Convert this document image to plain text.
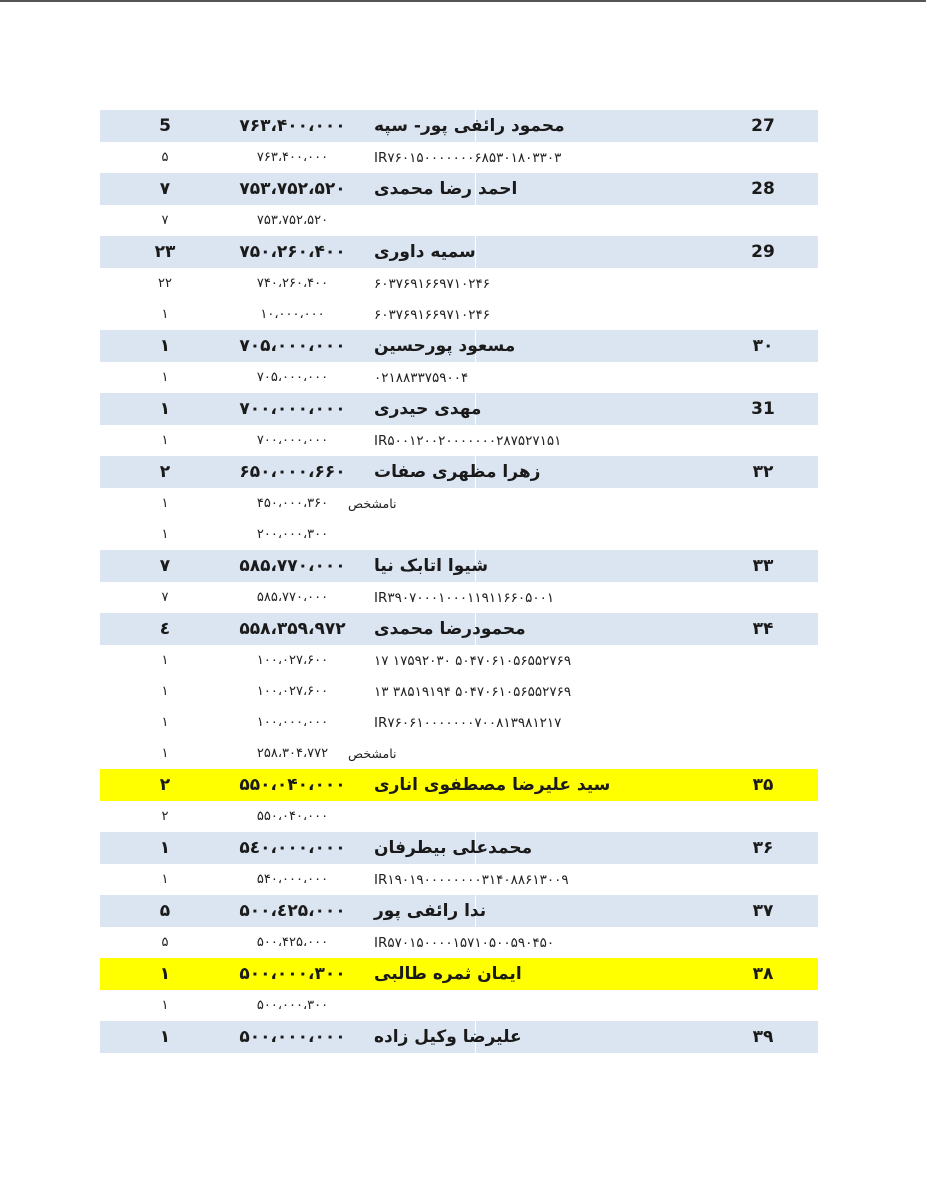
27
محمود رائفی پور- سپه
۷۶۳،۴۰۰،۰۰۰
5
IR۷۶۰۱۵۰۰۰۰۰۰۰۶۸۵۳۰۱۸۰۳۳۰۳
۷۶۳،۴۰۰،۰۰۰
۵
28
احمد رضا محمدی
۷۵۳،۷۵۲،۵۲۰
۷
۷۵۳،۷۵۲،۵۲۰
۷
29
سمیه داوری
۷۵۰،۲۶۰،۴۰۰
۲۳
۶۰۳۷۶۹۱۶۶۹۷۱۰۲۴۶
۷۴۰،۲۶۰،۴۰۰
۲۲
۶۰۳۷۶۹۱۶۶۹۷۱۰۲۴۶
۱۰،۰۰۰،۰۰۰
۱
۳۰
مسعود پورحسین
۷۰۵،۰۰۰،۰۰۰
۱
۰۲۱۸۸۳۳۷۵۹۰۰۴
۷۰۵،۰۰۰،۰۰۰
۱
31
مهدی حیدری
۷۰۰،۰۰۰،۰۰۰
۱
IR۵۰۰۱۲۰۰۲۰۰۰۰۰۰۰۲۸۷۵۲۷۱۵۱
۷۰۰،۰۰۰،۰۰۰
۱
۳۲
زهرا مظهری صفات
۶۵۰،۰۰۰،۶۶۰
۲
نامشخص
۴۵۰،۰۰۰،۳۶۰
۱
۲۰۰،۰۰۰،۳۰۰
۱
۳۳
شیوا اتابک نیا
۵۸۵،۷۷۰،۰۰۰
۷
IR۳۹۰۷۰۰۰۱۰۰۰۱۱۹۱۱۶۶۰۵۰۰۱
۵۸۵،۷۷۰،۰۰۰
۷
۳۴
محمودرضا محمدی
۵۵۸،۳۵۹،۹۷۲
٤
۵۰۴۷۰۶۱۰۵۶۵۵۲۷۶۹ ۱۷۵۹۲۰۳۰ ۱۷
۱۰۰،۰۲۷،۶۰۰
۱
۵۰۴۷۰۶۱۰۵۶۵۵۲۷۶۹ ۳۸۵۱۹۱۹۴ ۱۳
۱۰۰،۰۲۷،۶۰۰
۱
IR۷۶۰۶۱۰۰۰۰۰۰۰۷۰۰۸۱۳۹۸۱۲۱۷
۱۰۰،۰۰۰،۰۰۰
۱
نامشخص
۲۵۸،۳۰۴،۷۷۲
۱
۳۵
سید علیرضا مصطفوی اناری
۵۵۰،۰۴۰،۰۰۰
۲
۵۵۰،۰۴۰،۰۰۰
۲
۳۶
محمدعلی بیطرفان
۵٤۰،۰۰۰،۰۰۰
۱
IR۱۹۰۱۹۰۰۰۰۰۰۰۰۳۱۴۰۸۸۶۱۳۰۰۹
۵۴۰،۰۰۰،۰۰۰
۱
۳۷
ندا رائفی پور
۵۰۰،٤۲۵،۰۰۰
۵
IR۵۷۰۱۵۰۰۰۰۱۵۷۱۰۵۰۰۵۹۰۴۵۰
۵۰۰،۴۲۵،۰۰۰
۵
۳۸
ایمان ثمره طالبی
۵۰۰،۰۰۰،۳۰۰
۱
۵۰۰،۰۰۰،۳۰۰
۱
۳۹
علیرضا وکیل زاده
۵۰۰،۰۰۰،۰۰۰
۱
